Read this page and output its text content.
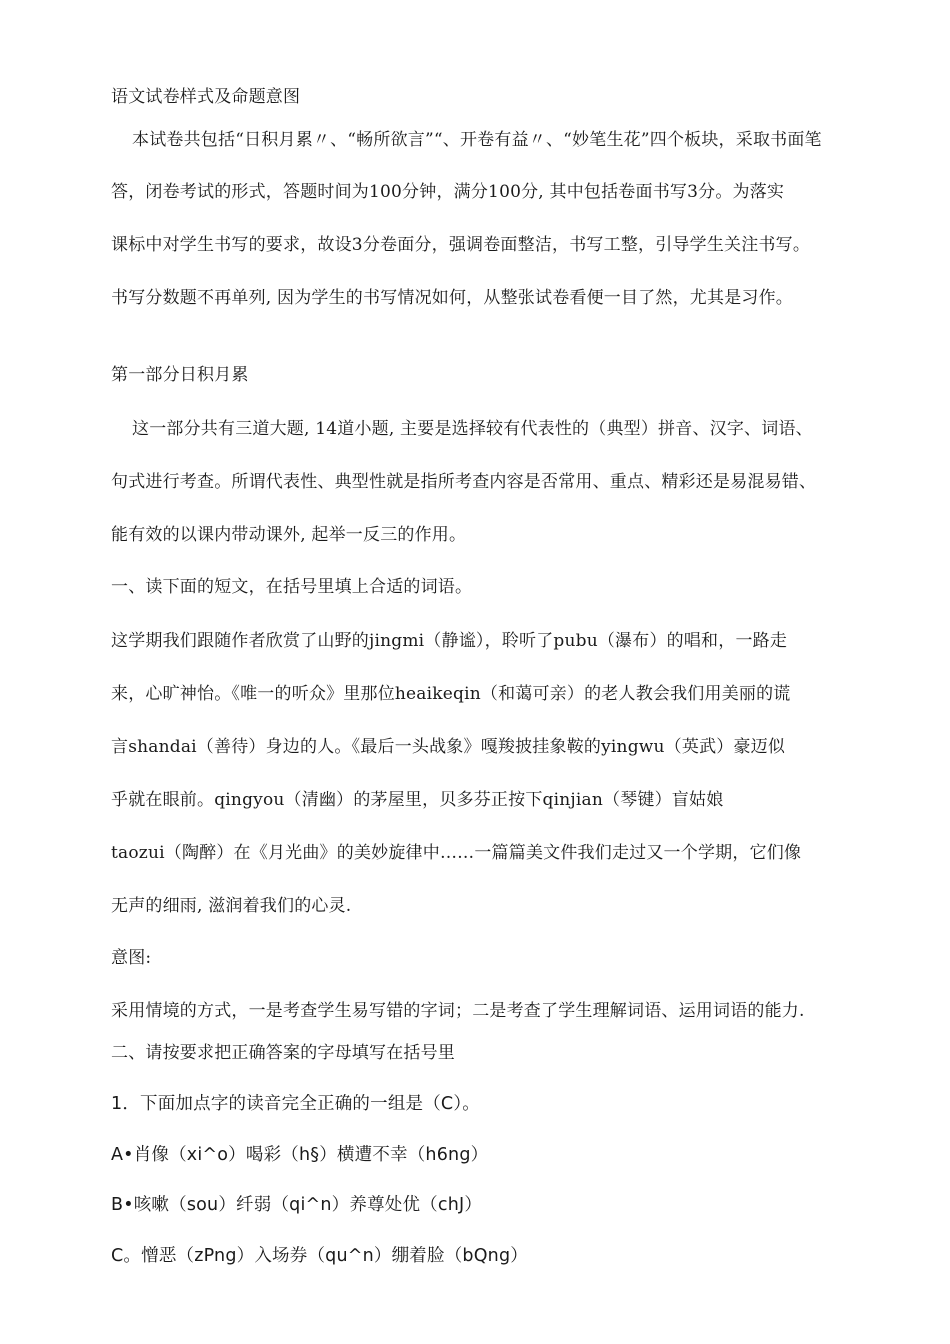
语文试卷样式及命题意图
本试卷共包括“日积月累〃、“畅所欲言”“、开卷有益〃、“妙笔生花”四个板块，采取书面笔
答，闭卷考试的形式，答题时间为100分钟，满分100分, 其中包括卷面书写3分。为落实
课标中对学生书写的要求，故设3分卷面分，强调卷面整洁，书写工整，引导学生关注书写。
书写分数题不再单列, 因为学生的书写情况如何，从整张试卷看便一目了然，尤其是习作。
第一部分日积月累
这一部分共有三道大题, 14道小题, 主要是选择较有代表性的（典型）拼音、汉字、词语、
句式进行考查。所谓代表性、典型性就是指所考查内容是否常用、重点、精彩还是易混易错、
能有效的以课内带动课外, 起举一反三的作用。
一、读下面的短文，在括号里填上合适的词语。
这学期我们跟随作者欣赏了山野的jingmi（静谧），聆听了pubu（瀑布）的唱和，一路走
来，心旷神怡。《唯一的听众》里那位heaikeqin（和蔼可亲）的老人教会我们用美丽的谎
言shandai（善待）身边的人。《最后一头战象》嘎羧披挂象鞍的yingwu（英武）豪迈似
乎就在眼前。qingyou（清幽）的茅屋里，贝多芬正按下qinjian（琴键）盲姑娘
taozui（陶醉）在《月光曲》的美妙旋律中……一篇篇美文件我们走过又一个学期，它们像
无声的细雨, 滋润着我们的心灵.
意图:
采用情境的方式，一是考查学生易写错的字词；二是考查了学生理解词语、运用词语的能力.
二、请按要求把正确答案的字母填写在括号里
1．下面加点字的读音完全正确的一组是（C）。
A•肖像（xi^o）喝彩（h§）横遭不幸（h6ng）
B•咳嗽（sou）纤弱（qi^n）养尊处优（chJ）
C。憎恶（zPng）入场券（qu^n）绷着脸（bQng）
